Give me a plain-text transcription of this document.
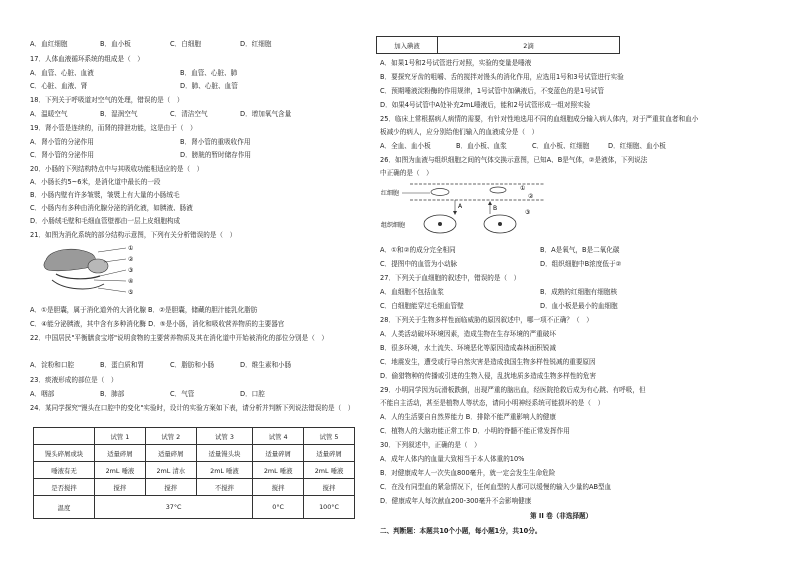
A．血红细胞	B．血小板	C．白细胞	D．红细胞
17．人体血液循环系统的组成是（　）
A．血管、心脏、血液	B．血管、心脏、肺
C．心脏、血液、肾	D．肺、心脏、血管
18．下列关于呼吸道对空气的处理，错误的是（　）
A．温暖空气	B．湿润空气	C．清洁空气	D．增加氧气含量
19．肾小管是连续的，而肾的排泄功能，这是由于（　）
A．肾小管的分泌作用	B．肾小管的重吸收作用
C．肾小管的分泌作用	D．膀胱的暂时储存作用
20．小肠的下列结构特点中与其吸收功能相适应的是（　）
A．小肠长约5~6米，是消化道中最长的一段
B．小肠内壁有许多皱襞，皱襞上有大量的小肠绒毛
C．小肠内有多种由消化腺分泌的消化液，如胰液、肠液
D．小肠绒毛壁和毛细血管壁都由一层上皮细胞构成
21．如图为消化系统的部分结构示意图，下列有关分析错误的是（　）
①
②
③
④
⑤
A．①是胆囊，属于消化道外的大消化腺 B．②是胆囊，储藏的胆汁能乳化脂肪
C．④能分泌胰液，其中含有多种消化酶 D．⑤是小肠，消化和吸收营养物质的主要器官
22．中国居民"平衡膳食宝塔"说明食物的主要营养物质及其在消化道中开始被消化的部位分别是（　）
A．淀粉和口腔	B．蛋白质和胃	C．脂肪和小肠	D．维生素和小肠
23．痰液形成的部位是（　）
A．咽部	B．肺部	C．气管	D．口腔
24．某同学探究"馒头在口腔中的变化"实验时，设计的实验方案如下表，请分析并判断下列说法错误的是（　）
	试管 1	试管 2	试管 3	试管 4	试管 5
馒头碎屑或块	适量碎屑	适量碎屑	适量馒头块	适量碎屑	适量碎屑
唾液有无	2mL 唾液	2mL 清水	2mL 唾液	2mL 唾液	2mL 唾液
是否搅拌	搅拌	搅拌	不搅拌	搅拌	搅拌
温度	37°C			0°C	100°C
加入碘液	2滴
A．如果1号和2号试管进行对照，实验的变量是唾液
B．要探究牙齿的咀嚼、舌的搅拌对馒头的消化作用，应选用1号和3号试管进行实验
C．预期唾液淀粉酶的作用规律，1号试管中加碘液后，不变蓝色的是1号试管
D．如果4号试管中A处补充2mL唾液后，能和2号试管形成一组对照实验
25．临床上常根据病人病情的需要，有针对性地选用不同的血细胞成分输入病人体内，对于严重贫血者和血小
板减少的病人，应分别给他们输入的血液成分是（　）
A．全血、血小板	B．血小板、血浆	C．血小板、红细胞	D．红细胞、血小板
26．如图为血液与组织细胞之间的气体交换示意图，已知A、B是气体，②是液体，下列说法
中正确的是（　）
红细胞
①
②
③
A	B
组织细胞
A．①和②的成分完全相同	B．A是氧气，B是二氧化碳
C．提图中的血管为小动脉	D．组织细胞中B浓度低于②
27．下列关于血细胞的叙述中，错误的是（　）
A．血细胞不包括血浆	B．成熟的红细胞有细胞核
C．白细胞能穿过毛细血管壁	D．血小板是最小的血细胞
28．下列关于生物多样性面临威胁的原因叙述中，哪一项不正确？（　）
A．人类活动破坏环境因素，造成生物在生存环境的严重破坏
B．很多环境，水土流失、环境恶化等原因造成森林面积锐减
C．地震发生，遭受或行导自然灾害是造成我国生物多样性锐减的重要原因
D．偷猎物种的传播或引进的生物入侵，乱扰地质多造成生物多样性的危害
29．小明同学因为玩滑板跌倒，出现严重的脑出血，经医院抢救后成为有心跳、有呼吸，但
不能自主活动，甚至是植物人等状态，请问小明神经系统可能损坏的是（　）
A．人的生活要自自然界能力 B．排除不能严重影响人的健康
C．植物人的大脑功能正常工作 D．小明的脊髓不能正常发挥作用
30．下列叙述中，正确的是（　）
A．成年人体内的血量大致相当于本人体重的10%
B．对健康成年人一次失血800毫升，就一定会发生生命危险
C．在没有同型血的紧急情况下，任何血型的人都可以缓慢的输入少量的AB型血
D．健康成年人每次献血200-300毫升不会影响健康
第 II 卷（非选择题）
二、判断题：本题共10个小题，每小题1分，共10分。
